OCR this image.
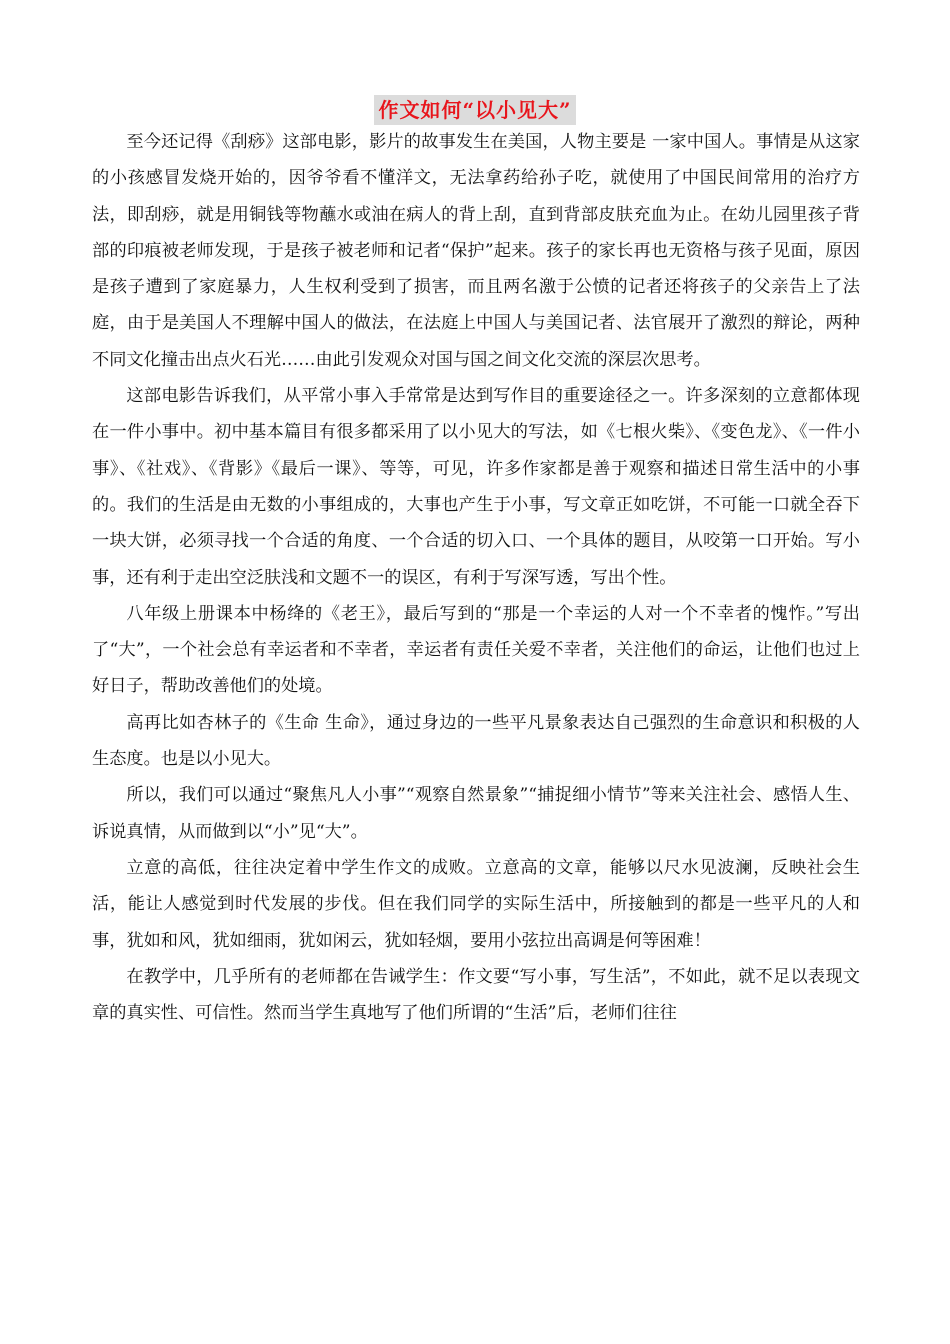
作文如何“以小见大”

至今还记得《刮痧》这部电影，影片的故事发生在美国，人物主要是 一家中国人。事情是从这家的小孩感冒发烧开始的，因爷爷看不懂洋文，无法拿药给孙子吃，就使用了中国民间常用的治疗方法，即刮痧，就是用铜钱等物蘸水或油在病人的背上刮，直到背部皮肤充血为止。在幼儿园里孩子背部的印痕被老师发现，于是孩子被老师和记者“保护”起来。孩子的家长再也无资格与孩子见面，原因是孩子遭到了家庭暴力，人生权利受到了损害，而且两名激于公愤的记者还将孩子的父亲告上了法庭，由于是美国人不理解中国人的做法，在法庭上中国人与美国记者、法官展开了激烈的辩论，两种不同文化撞击出点火石光……由此引发观众对国与国之间文化交流的深层次思考。

这部电影告诉我们，从平常小事入手常常是达到写作目的重要途径之一。许多深刻的立意都体现在一件小事中。初中基本篇目有很多都采用了以小见大的写法，如《七根火柴》、《变色龙》、《一件小事》、《社戏》、《背影》《最后一课》、等等，可见，许多作家都是善于观察和描述日常生活中的小事的。我们的生活是由无数的小事组成的，大事也产生于小事，写文章正如吃饼，不可能一口就全吞下一块大饼，必须寻找一个合适的角度、一个合适的切入口、一个具体的题目，从咬第一口开始。写小事，还有利于走出空泛肤浅和文题不一的误区，有利于写深写透，写出个性。

八年级上册课本中杨绛的《老王》，最后写到的“那是一个幸运的人对一个不幸者的愧怍。”写出了“大”，一个社会总有幸运者和不幸者，幸运者有责任关爱不幸者，关注他们的命运，让他们也过上好日子，帮助改善他们的处境。

高再比如杏林子的《生命 生命》，通过身边的一些平凡景象表达自己强烈的生命意识和积极的人生态度。也是以小见大。

所以，我们可以通过“聚焦凡人小事”“观察自然景象”“捕捉细小情节”等来关注社会、感悟人生、诉说真情，从而做到以“小”见“大”。

立意的高低，往往决定着中学生作文的成败。立意高的文章，能够以尺水见波澜，反映社会生活，能让人感觉到时代发展的步伐。但在我们同学的实际生活中，所接触到的都是一些平凡的人和事，犹如和风，犹如细雨，犹如闲云，犹如轻烟，要用小弦拉出高调是何等困难！

在教学中，几乎所有的老师都在告诫学生：作文要“写小事，写生活”，不如此，就不足以表现文章的真实性、可信性。然而当学生真地写了他们所谓的“生活”后，老师们往往
